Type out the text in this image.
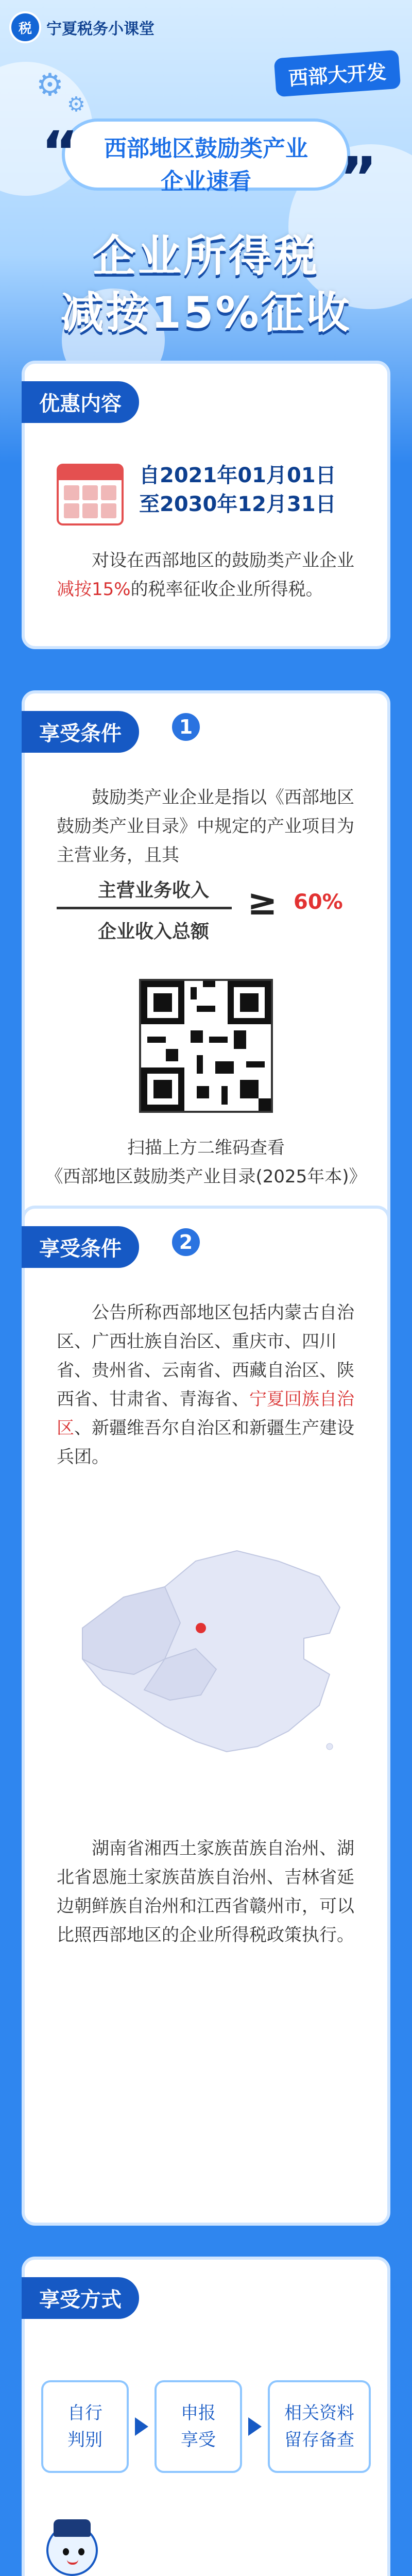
⚙
⚙
税 宁夏税务小课堂
西部大开发
西部地区鼓励类产业
企业速看
“	”
企业所得税
减按15%征收
优惠内容
自2021年01月01日
至2030年12月31日
对设在西部地区的鼓励类产业企业减按15%的税率征收企业所得税。
享受条件	1
鼓励类产业企业是指以《西部地区鼓励类产业目录》中规定的产业项目为主营业务，且其
主营业务收入
企业收入总额
≥ 60%
扫描上方二维码查看
《西部地区鼓励类产业目录(2025年本)》
享受条件	2
公告所称西部地区包括内蒙古自治区、广西壮族自治区、重庆市、四川省、贵州省、云南省、西藏自治区、陕西省、甘肃省、青海省、宁夏回族自治区、新疆维吾尔自治区和新疆生产建设兵团。
湖南省湘西土家族苗族自治州、湖北省恩施土家族苗族自治州、吉林省延边朝鲜族自治州和江西省赣州市，可以比照西部地区的企业所得税政策执行。
享受方式
自行
判别
申报
享受
相关资料
留存备查
